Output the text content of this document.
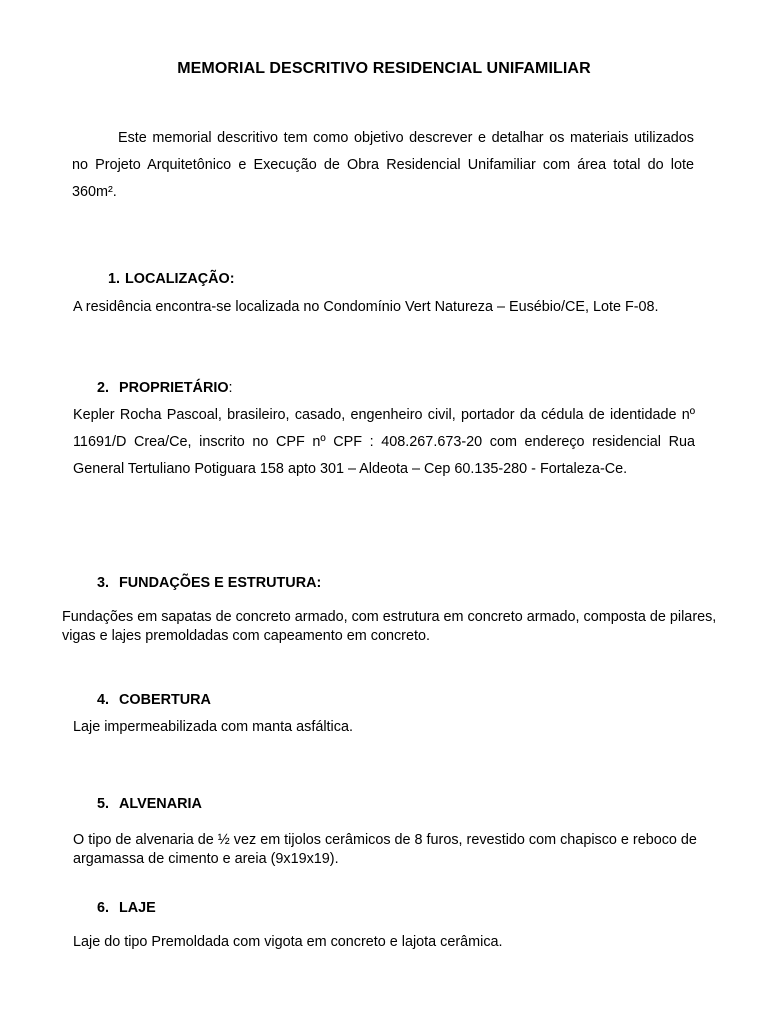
MEMORIAL DESCRITIVO RESIDENCIAL UNIFAMILIAR

Este memorial descritivo tem como objetivo descrever e detalhar os materiais utilizados no Projeto Arquitetônico e Execução de Obra Residencial Unifamiliar com área total do lote 360m².

1. LOCALIZAÇÃO:

A residência encontra-se localizada no Condomínio Vert Natureza – Eusébio/CE, Lote F-08.

2. PROPRIETÁRIO:

Kepler Rocha Pascoal, brasileiro, casado, engenheiro civil, portador da cédula de identidade nº 11691/D Crea/Ce, inscrito no CPF nº CPF : 408.267.673-20 com endereço residencial Rua General Tertuliano Potiguara 158 apto 301 – Aldeota – Cep 60.135-280 - Fortaleza-Ce.

3. FUNDAÇÕES E ESTRUTURA:

Fundações em sapatas de concreto armado, com estrutura em concreto armado, composta de pilares, vigas e lajes premoldadas com capeamento em concreto.

4. COBERTURA

Laje impermeabilizada com manta asfáltica.

5. ALVENARIA

O tipo de alvenaria de ½ vez em tijolos cerâmicos de 8 furos, revestido com chapisco e reboco de argamassa de cimento e areia (9x19x19).

6. LAJE

Laje do tipo Premoldada com vigota em concreto e lajota cerâmica.
